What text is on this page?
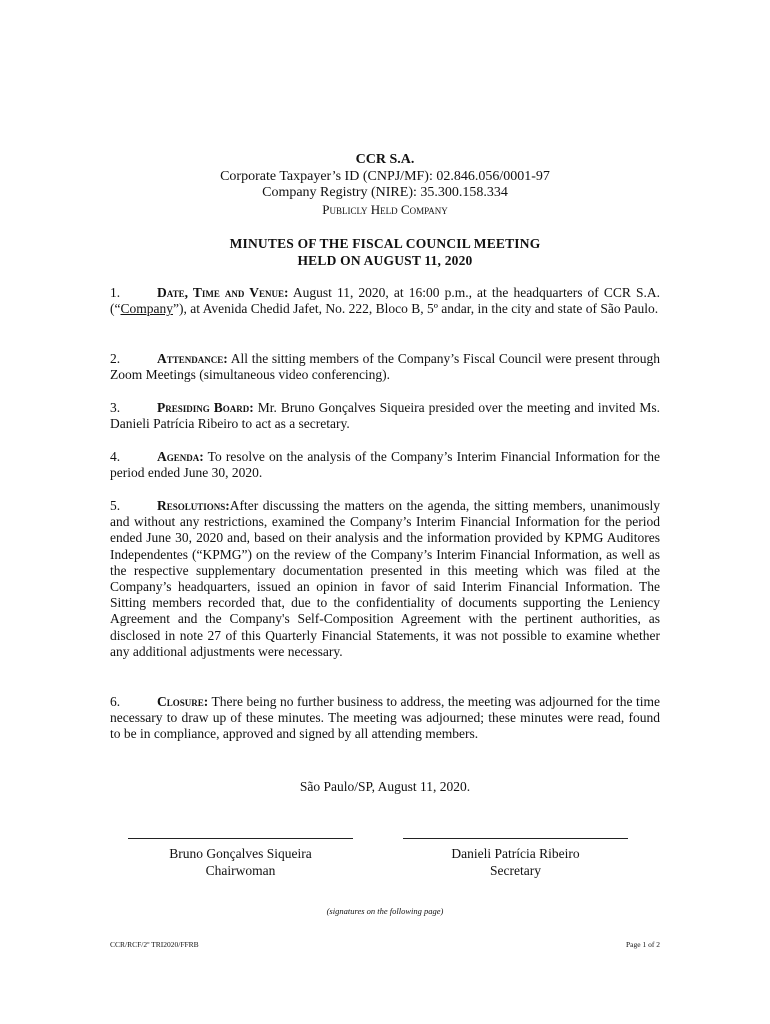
CCR S.A.
Corporate Taxpayer’s ID (CNPJ/MF): 02.846.056/0001-97
Company Registry (NIRE): 35.300.158.334
Publicly Held Company
MINUTES OF THE FISCAL COUNCIL MEETING
HELD ON AUGUST 11, 2020
1.	Date, Time and Venue: August 11, 2020, at 16:00 p.m., at the headquarters of CCR S.A. (“Company”), at Avenida Chedid Jafet, No. 222, Bloco B, 5º andar, in the city and state of São Paulo.
2.	Attendance: All the sitting members of the Company’s Fiscal Council were present through Zoom Meetings (simultaneous video conferencing).
3.	Presiding Board: Mr. Bruno Gonçalves Siqueira presided over the meeting and invited Ms. Danieli Patrícia Ribeiro to act as a secretary.
4.	Agenda: To resolve on the analysis of the Company’s Interim Financial Information for the period ended June 30, 2020.
5.	Resolutions:After discussing the matters on the agenda, the sitting members, unanimously and without any restrictions, examined the Company’s Interim Financial Information for the period ended June 30, 2020 and, based on their analysis and the information provided by KPMG Auditores Independentes (“KPMG”) on the review of the Company’s Interim Financial Information, as well as the respective supplementary documentation presented in this meeting which was filed at the Company’s headquarters, issued an opinion in favor of said Interim Financial Information. The Sitting members recorded that, due to the confidentiality of documents supporting the Leniency Agreement and the Company's Self-Composition Agreement with the pertinent authorities, as disclosed in note 27 of this Quarterly Financial Statements, it was not possible to examine whether any additional adjustments were necessary.
6.	Closure: There being no further business to address, the meeting was adjourned for the time necessary to draw up of these minutes. The meeting was adjourned; these minutes were read, found to be in compliance, approved and signed by all attending members.
São Paulo/SP, August 11, 2020.
Bruno Gonçalves Siqueira
Chairwoman
Danieli Patrícia Ribeiro
Secretary
(signatures on the following page)
CCR/RCF/2º TRI2020/FFRB	Page 1 of 2
